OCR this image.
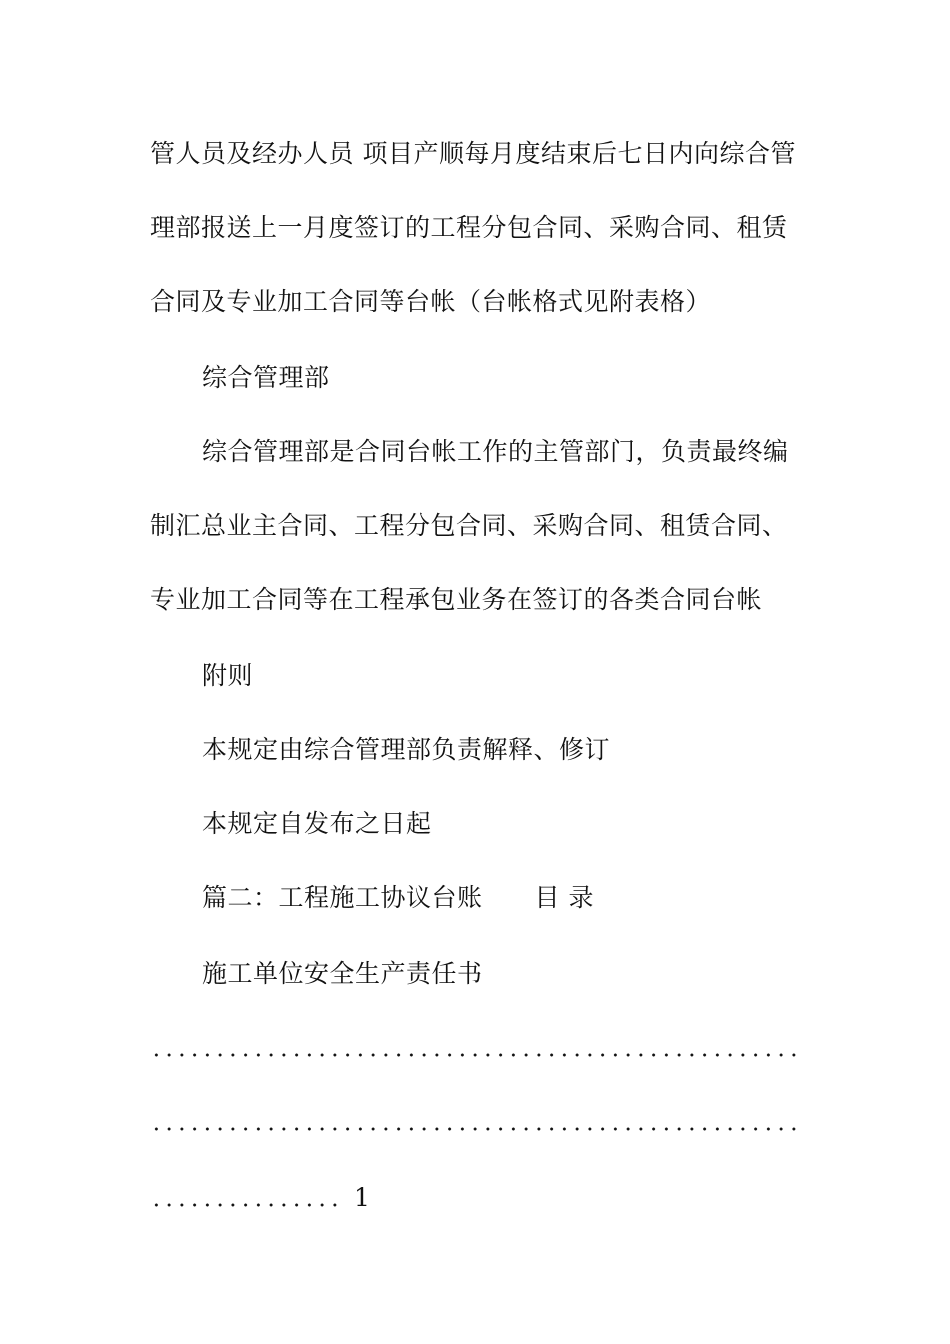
管人员及经办人员 项目产顺每月度结束后七日内向综合管
理部报送上一月度签订的工程分包合同、采购合同、租赁
合同及专业加工合同等台帐（台帐格式见附表格）
综合管理部
综合管理部是合同台帐工作的主管部门，负责最终编
制汇总业主合同、工程分包合同、采购合同、租赁合同、
专业加工合同等在工程承包业务在签订的各类合同台帐
附则
本规定由综合管理部负责解释、修订
本规定自发布之日起
篇二：工程施工协议台账 目 录
施工单位安全生产责任书
1
